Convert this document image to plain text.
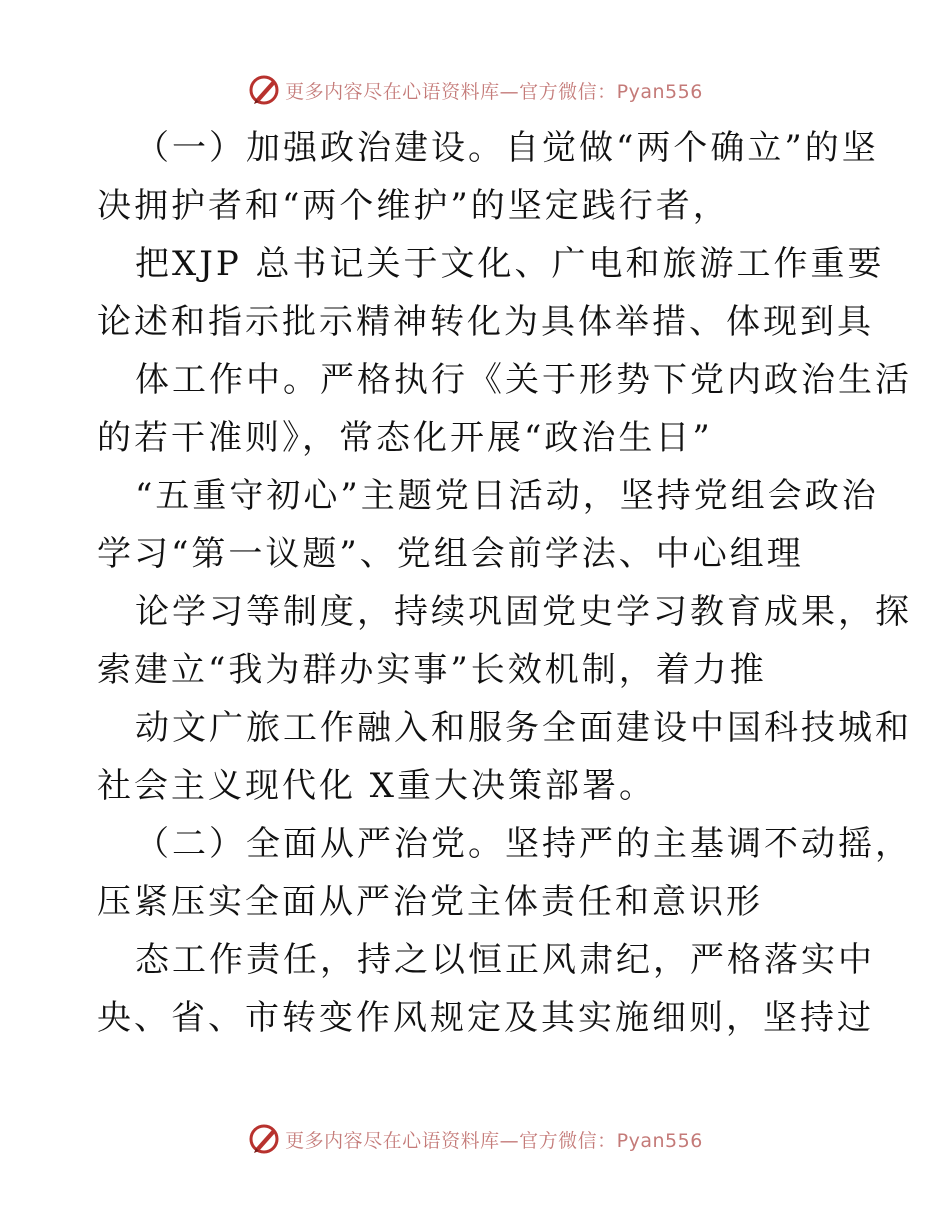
更多内容尽在心语资料库—官方微信：Pyan556
（一）加强政治建设。自觉做“两个确立”的坚
决拥护者和“两个维护”的坚定践行者，
把XJP 总书记关于文化、广电和旅游工作重要
论述和指示批示精神转化为具体举措、体现到具
体工作中。严格执行《关于形势下党内政治生活
的若干准则》，常态化开展“政治生日”
“五重守初心”主题党日活动，坚持党组会政治
学习“第一议题”、党组会前学法、中心组理
论学习等制度，持续巩固党史学习教育成果，探
索建立“我为群办实事”长效机制，着力推
动文广旅工作融入和服务全面建设中国科技城和
社会主义现代化 X重大决策部署。
（二）全面从严治党。坚持严的主基调不动摇，
压紧压实全面从严治党主体责任和意识形
态工作责任，持之以恒正风肃纪，严格落实中
央、省、市转变作风规定及其实施细则，坚持过
更多内容尽在心语资料库—官方微信：Pyan556
